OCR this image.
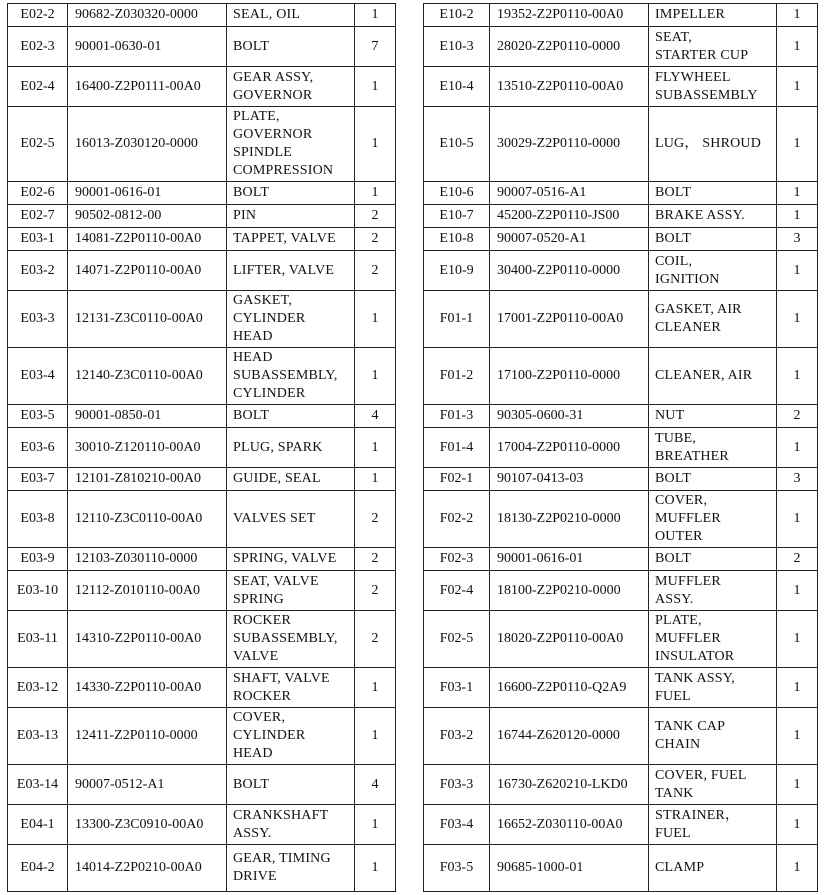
E02-2	90682-Z030320-0000	SEAL, OIL	1
E02-3	90001-0630-01	BOLT	7
E02-4	16400-Z2P0111-00A0	GEAR ASSY,
GOVERNOR	1
E02-5	16013-Z030120-0000	PLATE,
GOVERNOR
SPINDLE
COMPRESSION	1
E02-6	90001-0616-01	BOLT	1
E02-7	90502-0812-00	PIN	2
E03-1	14081-Z2P0110-00A0	TAPPET, VALVE	2
E03-2	14071-Z2P0110-00A0	LIFTER, VALVE	2
E03-3	12131-Z3C0110-00A0	GASKET,
CYLINDER
HEAD	1
E03-4	12140-Z3C0110-00A0	HEAD
SUBASSEMBLY,
CYLINDER	1
E03-5	90001-0850-01	BOLT	4
E03-6	30010-Z120110-00A0	PLUG, SPARK	1
E03-7	12101-Z810210-00A0	GUIDE, SEAL	1
E03-8	12110-Z3C0110-00A0	VALVES SET	2
E03-9	12103-Z030110-0000	SPRING, VALVE	2
E03-10	12112-Z010110-00A0	SEAT, VALVE
SPRING	2
E03-11	14310-Z2P0110-00A0	ROCKER
SUBASSEMBLY,
VALVE	2
E03-12	14330-Z2P0110-00A0	SHAFT, VALVE
ROCKER	1
E03-13	12411-Z2P0110-0000	COVER,
CYLINDER
HEAD	1
E03-14	90007-0512-A1	BOLT	4
E04-1	13300-Z3C0910-00A0	CRANKSHAFT
ASSY.	1
E04-2	14014-Z2P0210-00A0	GEAR, TIMING
DRIVE	1
E10-2	19352-Z2P0110-00A0	IMPELLER	1
E10-3	28020-Z2P0110-0000	SEAT,
STARTER CUP	1
E10-4	13510-Z2P0110-00A0	FLYWHEEL
SUBASSEMBLY	1
E10-5	30029-Z2P0110-0000	LUG， SHROUD	1
E10-6	90007-0516-A1	BOLT	1
E10-7	45200-Z2P0110-JS00	BRAKE ASSY.	1
E10-8	90007-0520-A1	BOLT	3
E10-9	30400-Z2P0110-0000	COIL,
IGNITION	1
F01-1	17001-Z2P0110-00A0	GASKET, AIR
CLEANER	1
F01-2	17100-Z2P0110-0000	CLEANER, AIR	1
F01-3	90305-0600-31	NUT	2
F01-4	17004-Z2P0110-0000	TUBE,
BREATHER	1
F02-1	90107-0413-03	BOLT	3
F02-2	18130-Z2P0210-0000	COVER,
MUFFLER
OUTER	1
F02-3	90001-0616-01	BOLT	2
F02-4	18100-Z2P0210-0000	MUFFLER
ASSY.	1
F02-5	18020-Z2P0110-00A0	PLATE,
MUFFLER
INSULATOR	1
F03-1	16600-Z2P0110-Q2A9	TANK ASSY,
FUEL	1
F03-2	16744-Z620120-0000	TANK CAP
CHAIN	1
F03-3	16730-Z620210-LKD0	COVER, FUEL
TANK	1
F03-4	16652-Z030110-00A0	STRAINER，
FUEL	1
F03-5	90685-1000-01	CLAMP	1
